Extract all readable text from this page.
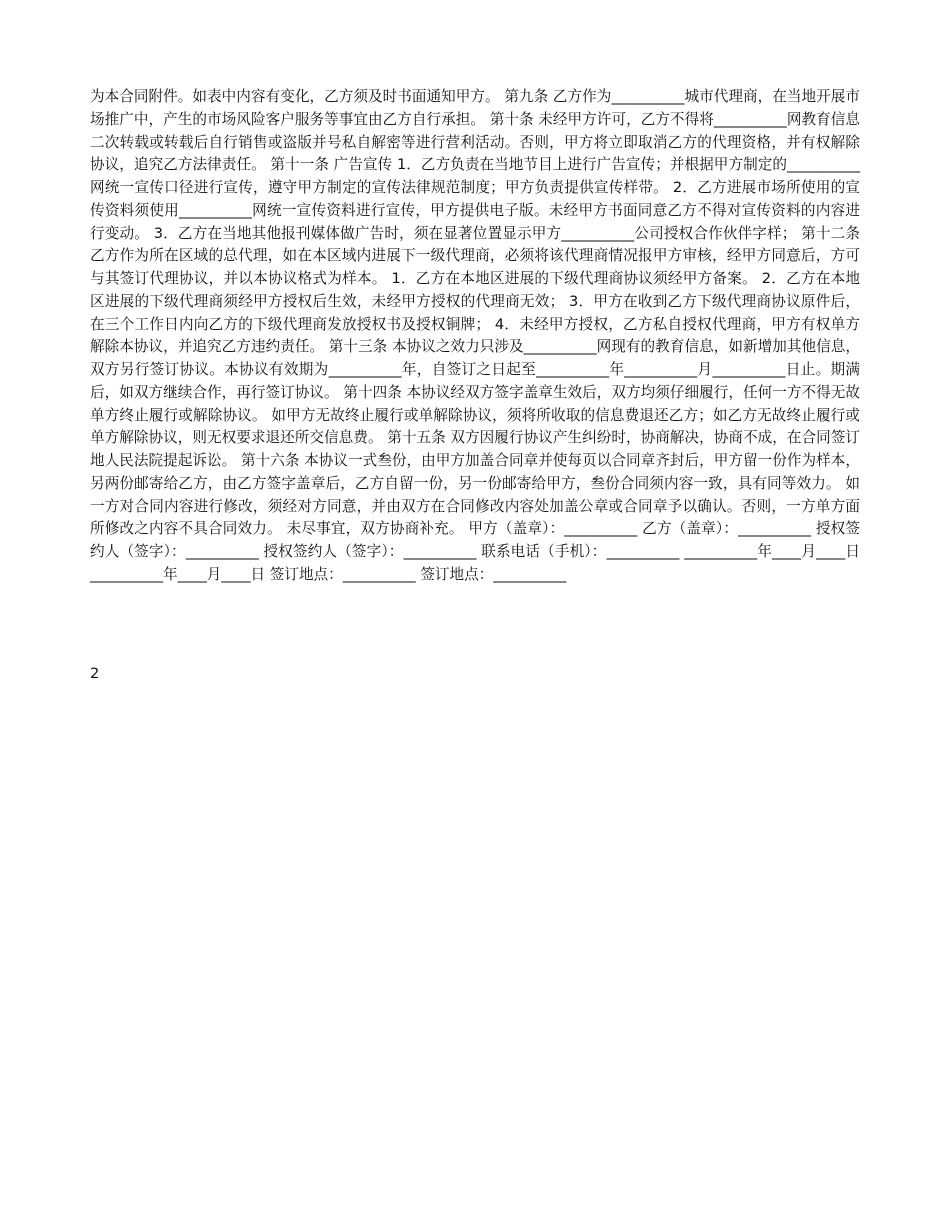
为本合同附件。如表中内容有变化，乙方须及时书面通知甲方。 第九条 乙方作为__________城市代理商，在当地开展市场推广中，产生的市场风险客户服务等事宜由乙方自行承担。 第十条 未经甲方许可，乙方不得将__________网教育信息二次转载或转载后自行销售或盗版并号私自解密等进行营利活动。否则，甲方将立即取消乙方的代理资格，并有权解除协议，追究乙方法律责任。 第十一条 广告宣传 1．乙方负责在当地节目上进行广告宣传；并根据甲方制定的__________网统一宣传口径进行宣传，遵守甲方制定的宣传法律规范制度；甲方负责提供宣传样带。 2．乙方进展市场所使用的宣传资料须使用__________网统一宣传资料进行宣传，甲方提供电子版。未经甲方书面同意乙方不得对宣传资料的内容进行变动。 3．乙方在当地其他报刊媒体做广告时，须在显著位置显示甲方__________公司授权合作伙伴字样； 第十二条 乙方作为所在区域的总代理，如在本区域内进展下一级代理商，必须将该代理商情况报甲方审核，经甲方同意后，方可与其签订代理协议，并以本协议格式为样本。 1．乙方在本地区进展的下级代理商协议须经甲方备案。 2．乙方在本地区进展的下级代理商须经甲方授权后生效，未经甲方授权的代理商无效； 3．甲方在收到乙方下级代理商协议原件后，在三个工作日内向乙方的下级代理商发放授权书及授权铜牌； 4．未经甲方授权，乙方私自授权代理商，甲方有权单方解除本协议，并追究乙方违约责任。 第十三条 本协议之效力只涉及__________网现有的教育信息，如新增加其他信息，双方另行签订协议。本协议有效期为__________年，自签订之日起至__________年__________月__________日止。期满后，如双方继续合作，再行签订协议。 第十四条 本协议经双方签字盖章生效后，双方均须仔细履行，任何一方不得无故单方终止履行或解除协议。 如甲方无故终止履行或单解除协议，须将所收取的信息费退还乙方；如乙方无故终止履行或单方解除协议，则无权要求退还所交信息费。 第十五条 双方因履行协议产生纠纷时，协商解决，协商不成，在合同签订地人民法院提起诉讼。 第十六条 本协议一式叁份，由甲方加盖合同章并使每页以合同章齐封后，甲方留一份作为样本，另两份邮寄给乙方，由乙方签字盖章后，乙方自留一份，另一份邮寄给甲方，叁份合同须内容一致，具有同等效力。 如一方对合同内容进行修改，须经对方同意，并由双方在合同修改内容处加盖公章或合同章予以确认。否则，一方单方面所修改之内容不具合同效力。 未尽事宜，双方协商补充。 甲方（盖章）：__________ 乙方（盖章）：__________ 授权签约人（签字）：__________ 授权签约人（签字）：__________ 联系电话（手机）：__________ __________年____月____日 __________年____月____日 签订地点：__________ 签订地点：__________

2
